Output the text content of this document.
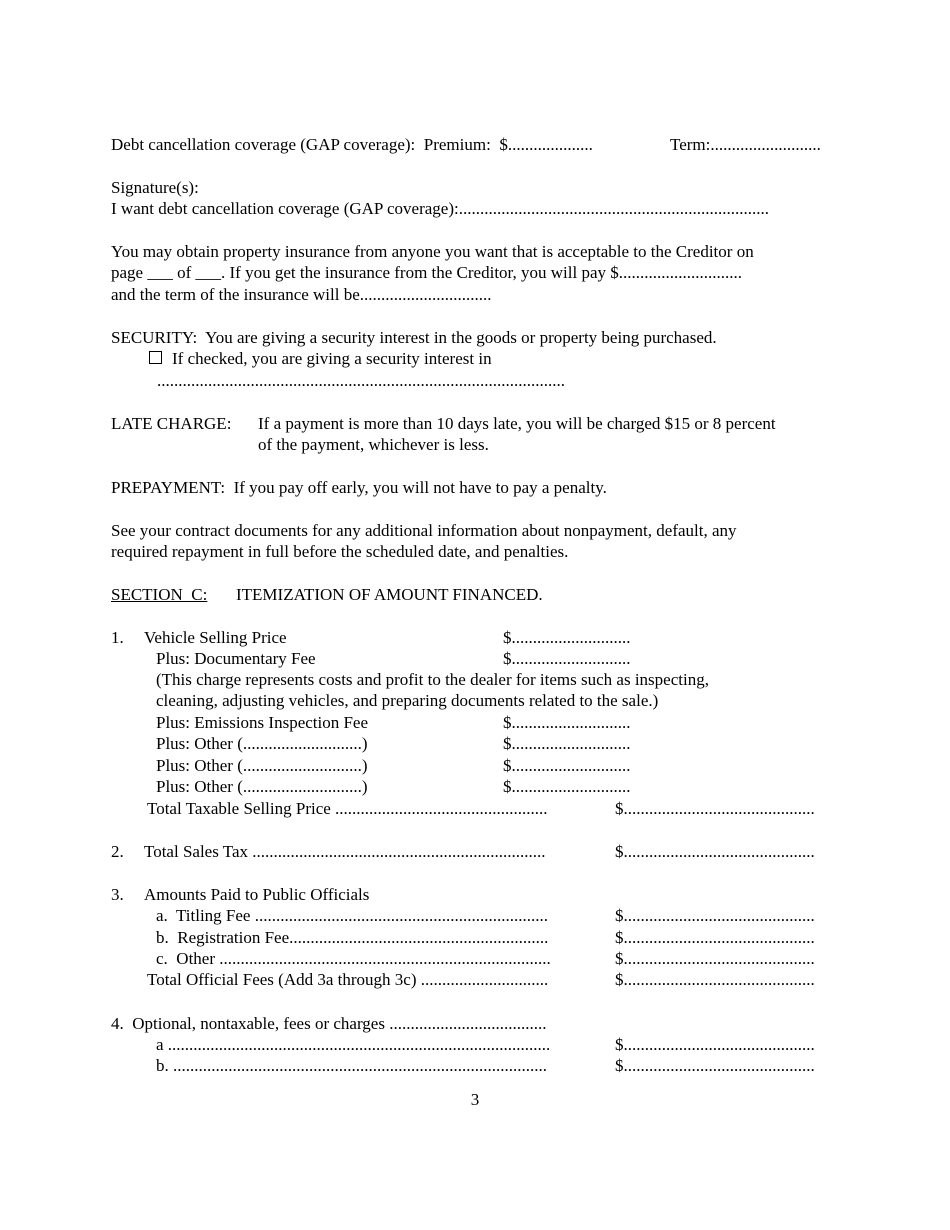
Debt cancellation coverage (GAP coverage):  Premium:  $....................	Term:..........................
Signature(s):
I want debt cancellation coverage (GAP coverage):.........................................................................
You may obtain property insurance from anyone you want that is acceptable to the Creditor on
page ___ of ___. If you get the insurance from the Creditor, you will pay $.............................
and the term of the insurance will be...............................
SECURITY:  You are giving a security interest in the goods or property being purchased.
If checked, you are giving a security interest in
................................................................................................
LATE CHARGE: If a payment is more than 10 days late, you will be charged $15 or 8 percent
of the payment, whichever is less.
PREPAYMENT:  If you pay off early, you will not have to pay a penalty.
See your contract documents for any additional information about nonpayment, default, any
required repayment in full before the scheduled date, and penalties.
SECTION  C: ITEMIZATION OF AMOUNT FINANCED.
1. Vehicle Selling Price	$............................
Plus: Documentary Fee	$............................
(This charge represents costs and profit to the dealer for items such as inspecting,
cleaning, adjusting vehicles, and preparing documents related to the sale.)
Plus: Emissions Inspection Fee	$............................
Plus: Other (............................)	$............................
Plus: Other (............................)	$............................
Plus: Other (............................)	$............................
Total Taxable Selling Price ..................................................	$.............................................
2. Total Sales Tax .....................................................................	$.............................................
3. Amounts Paid to Public Officials
a.  Titling Fee .....................................................................	$.............................................
b.  Registration Fee.............................................................	$.............................................
c.  Other ..............................................................................	$.............................................
Total Official Fees (Add 3a through 3c) ..............................	$.............................................
4.  Optional, nontaxable, fees or charges .....................................
a ..........................................................................................	$.............................................
b. ........................................................................................	$.............................................
3
